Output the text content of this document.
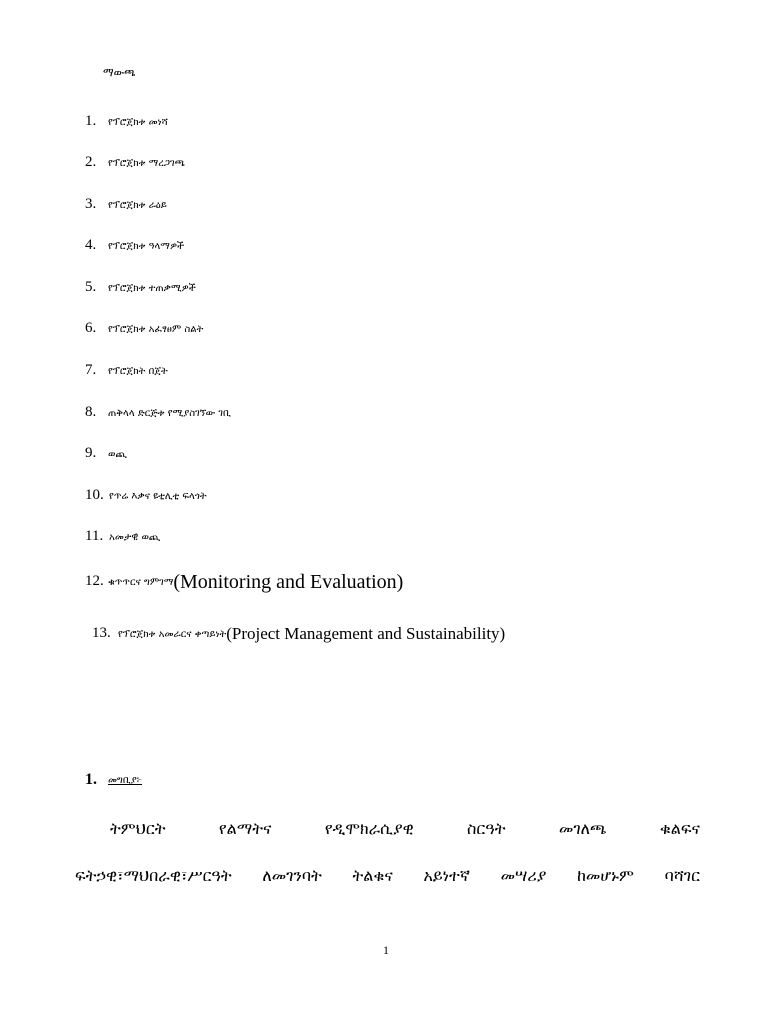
ማውጫ
1. የፕሮጀክቱ መነሻ
2. የፕሮጀክቱ ማረጋገጫ
3. የፕሮጀክቱ ራዕይ
4. የፕሮጀክቱ ዓላማዎች
5. የፕሮጀክቱ ተጠቃሚዎች
6. የፕሮጀክቱ አፈፃፀም ስልት
7. የፕሮጀክት በጀት
8. ጠቅላላ ድርጅቱ የሚያስገኘው ገቢ
9. ወጪ
10. የጥሬ እቃና ዩቲሊቲ ፍላጎት
11. አመታዊ ወጪ
12. ቁጥጥርና ግምገማ(Monitoring and Evaluation)
13. የፕሮጀክቱ አመራርና ቀጣይነት(Project Management and Sustainability)
1. መግቢያ፦
ትምህርት	የልማትና	የዲሞክራሲያዊ	ስርዓት	መገለጫ	ቁልፍና
ፍትኃዊ፣ማህበራዊ፣ሥርዓት ለመገንባት ትልቁና አይነተኛ መሣሪያ ከመሆኑም ባሻገር
1
